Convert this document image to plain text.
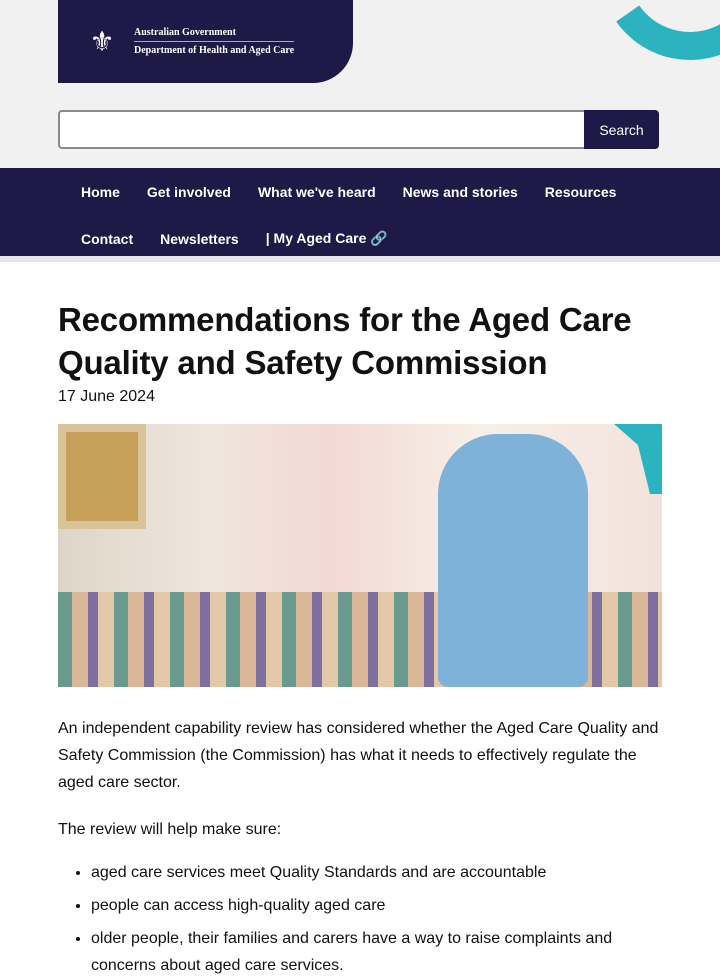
⚜	Australian Government
Department of Health and Aged Care
Search
Home	Get involved	What we've heard	News and stories	Resources
Contact	Newsletters	| My Aged Care 🔗
Recommendations for the Aged Care Quality and Safety Commission
17 June 2024

An independent capability review has considered whether the Aged Care Quality and Safety Commission (the Commission) has what it needs to effectively regulate the aged care sector.

The review will help make sure:

• aged care services meet Quality Standards and are accountable
• people can access high-quality aged care
• older people, their families and carers have a way to raise complaints and concerns about aged care services.
